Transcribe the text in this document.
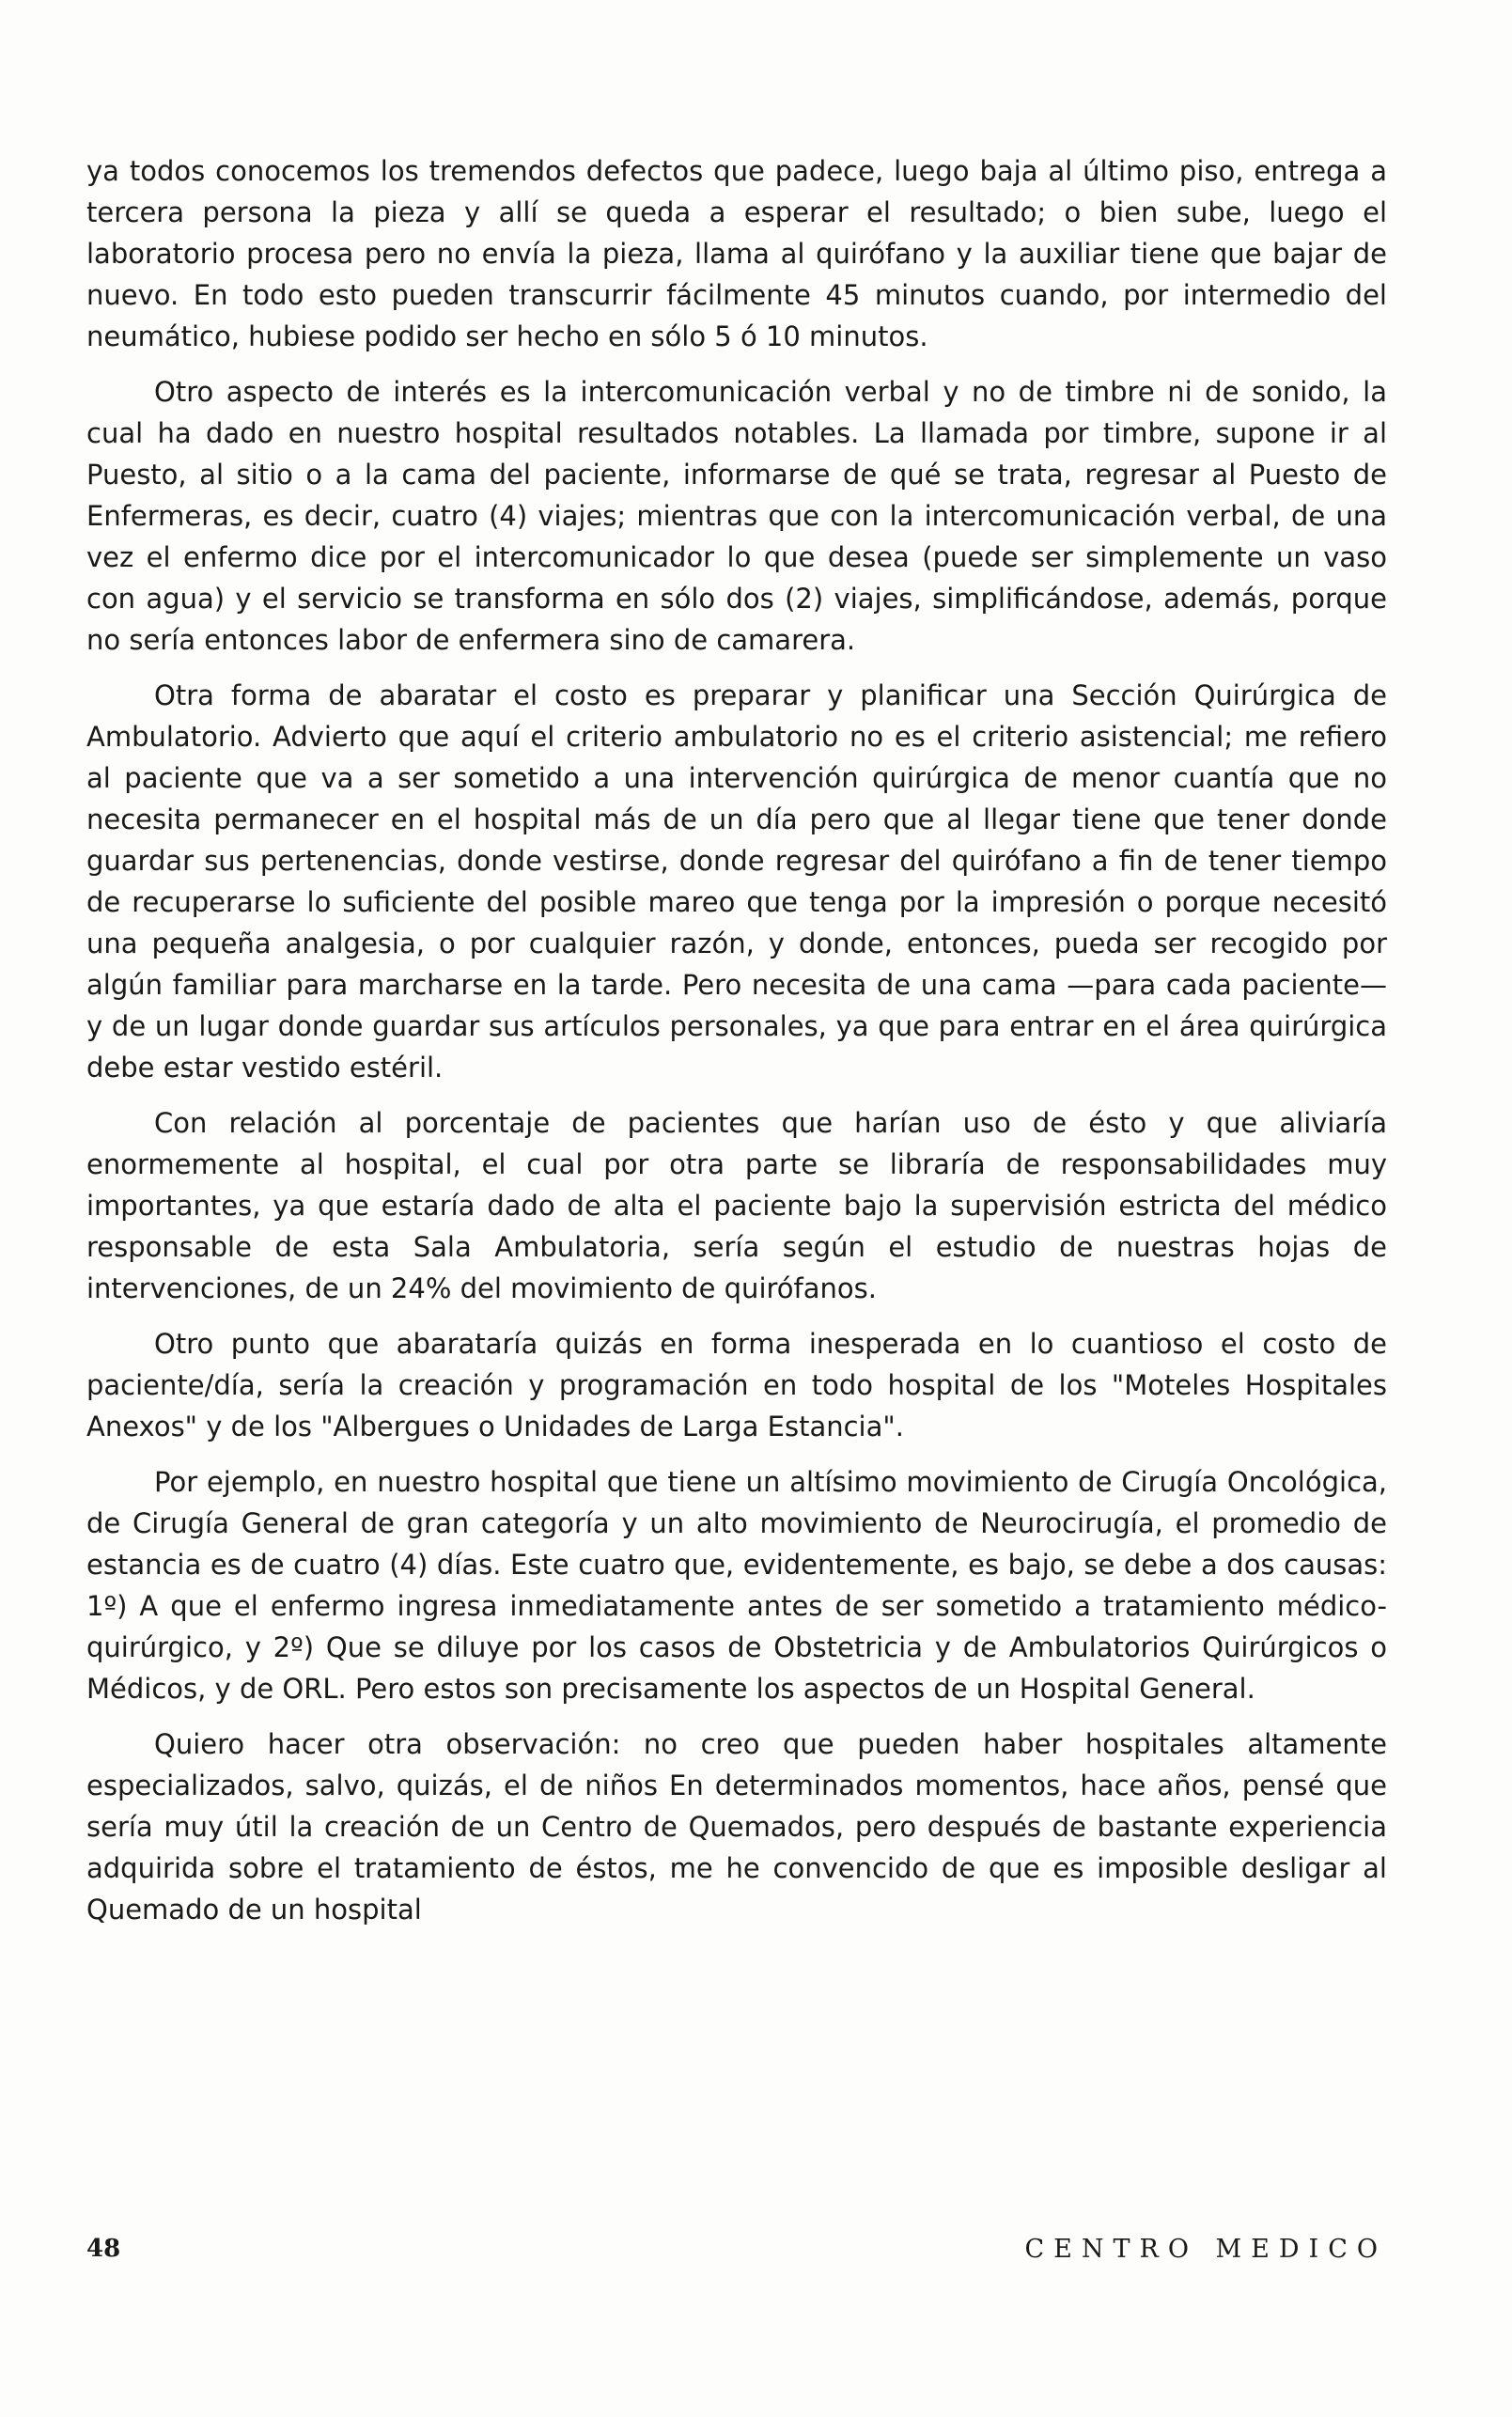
ya todos conocemos los tremendos defectos que padece, luego baja al último piso, entrega a tercera persona la pieza y allí se queda a esperar el resultado; o bien sube, luego el laboratorio procesa pero no envía la pieza, llama al quirófano y la auxiliar tiene que bajar de nuevo. En todo esto pueden transcurrir fácilmente 45 minutos cuando, por intermedio del neumático, hubiese podido ser hecho en sólo 5 ó 10 minutos.

Otro aspecto de interés es la intercomunicación verbal y no de timbre ni de sonido, la cual ha dado en nuestro hospital resultados notables. La llamada por timbre, supone ir al Puesto, al sitio o a la cama del paciente, informarse de qué se trata, regresar al Puesto de Enfermeras, es decir, cuatro (4) viajes; mientras que con la intercomunicación verbal, de una vez el enfermo dice por el intercomunicador lo que desea (puede ser simplemente un vaso con agua) y el servicio se transforma en sólo dos (2) viajes, simplificándose, además, porque no sería entonces labor de enfermera sino de camarera.

Otra forma de abaratar el costo es preparar y planificar una Sección Quirúrgica de Ambulatorio. Advierto que aquí el criterio ambulatorio no es el criterio asistencial; me refiero al paciente que va a ser sometido a una intervención quirúrgica de menor cuantía que no necesita permanecer en el hospital más de un día pero que al llegar tiene que tener donde guardar sus pertenencias, donde vestirse, donde regresar del quirófano a fin de tener tiempo de recuperarse lo suficiente del posible mareo que tenga por la impresión o porque necesitó una pequeña analgesia, o por cualquier razón, y donde, entonces, pueda ser recogido por algún familiar para marcharse en la tarde. Pero necesita de una cama —para cada paciente— y de un lugar donde guardar sus artículos personales, ya que para entrar en el área quirúrgica debe estar vestido estéril.

Con relación al porcentaje de pacientes que harían uso de ésto y que aliviaría enormemente al hospital, el cual por otra parte se libraría de responsabilidades muy importantes, ya que estaría dado de alta el paciente bajo la supervisión estricta del médico responsable de esta Sala Ambulatoria, sería según el estudio de nuestras hojas de intervenciones, de un 24% del movimiento de quirófanos.

Otro punto que abarataría quizás en forma inesperada en lo cuantioso el costo de paciente/día, sería la creación y programación en todo hospital de los "Moteles Hospitales Anexos" y de los "Albergues o Unidades de Larga Estancia".

Por ejemplo, en nuestro hospital que tiene un altísimo movimiento de Cirugía Oncológica, de Cirugía General de gran categoría y un alto movimiento de Neurocirugía, el promedio de estancia es de cuatro (4) días. Este cuatro que, evidentemente, es bajo, se debe a dos causas: 1º) A que el enfermo ingresa inmediatamente antes de ser sometido a tratamiento médico-quirúrgico, y 2º) Que se diluye por los casos de Obstetricia y de Ambulatorios Quirúrgicos o Médicos, y de ORL. Pero estos son precisamente los aspectos de un Hospital General.

Quiero hacer otra observación: no creo que pueden haber hospitales altamente especializados, salvo, quizás, el de niños En determinados momentos, hace años, pensé que sería muy útil la creación de un Centro de Quemados, pero después de bastante experiencia adquirida sobre el tratamiento de éstos, me he convencido de que es imposible desligar al Quemado de un hospital

48	CENTRO MEDICO
